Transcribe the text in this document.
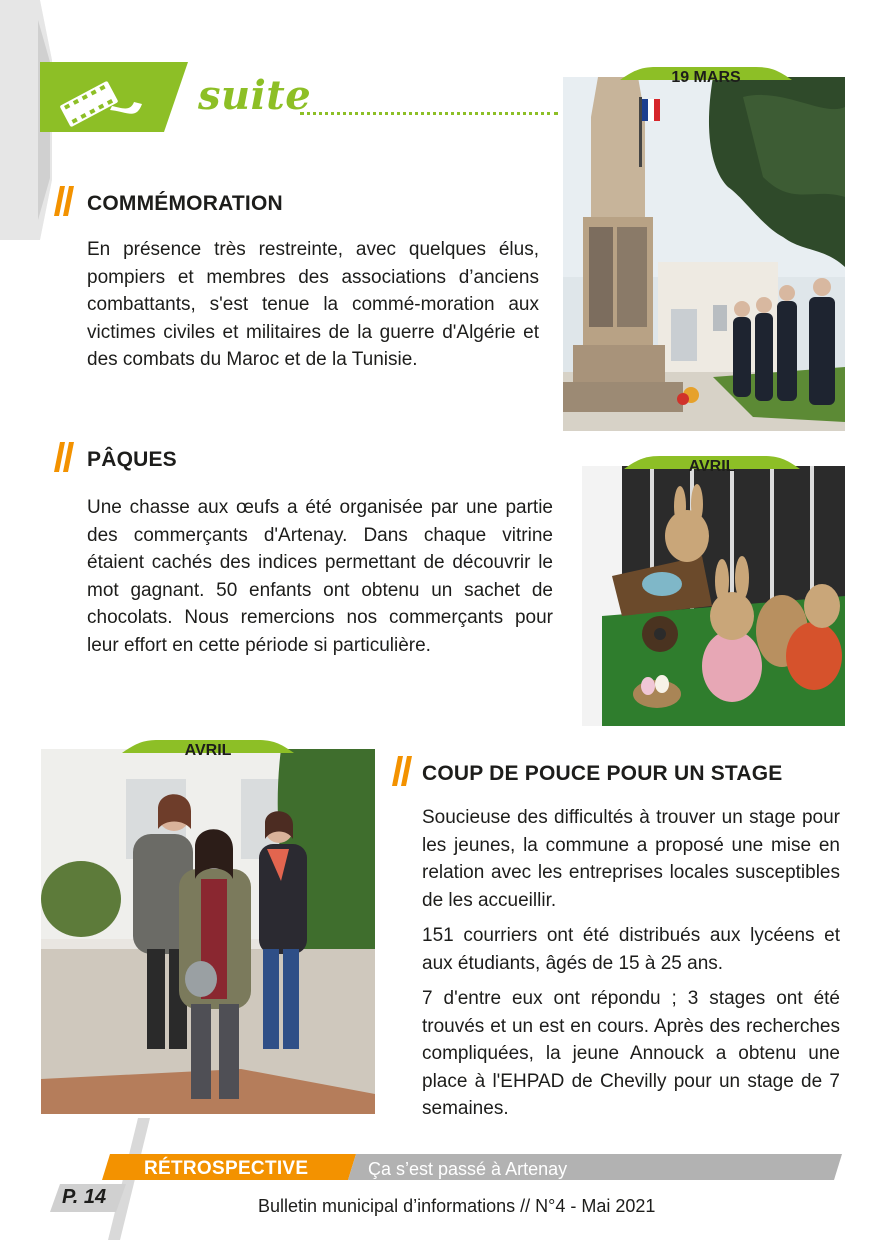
suite
COMMÉMORATION

En présence très restreinte, avec quelques élus, pompiers et membres des associations d’anciens combattants, s'est tenue la commé-moration aux victimes civiles et militaires de la guerre d'Algérie et des combats du Maroc et de la Tunisie.

PÂQUES

Une chasse aux œufs a été organisée par une partie des commerçants d'Artenay. Dans chaque vitrine étaient cachés des indices permettant de découvrir le mot gagnant. 50 enfants ont obtenu un sachet de chocolats. Nous remercions nos commerçants pour leur effort en cette période si particulière.

COUP DE POUCE POUR UN STAGE

Soucieuse des difficultés à trouver un stage pour les jeunes, la commune a proposé une mise en relation avec les entreprises locales susceptibles de les accueillir.

151 courriers ont été distribués aux lycéens et aux étudiants, âgés de 15 à 25 ans.

7 d'entre eux ont répondu ; 3 stages ont été trouvés et un est en cours. Après des recherches compliquées, la jeune Annouck a obtenu une place à l'EHPAD de Chevilly pour un stage de 7 semaines.

19 MARS
AVRIL
AVRIL
RÉTROSPECTIVE	Ça s’est passé à Artenay
P. 14	Bulletin municipal d’informations // N°4 - Mai 2021
